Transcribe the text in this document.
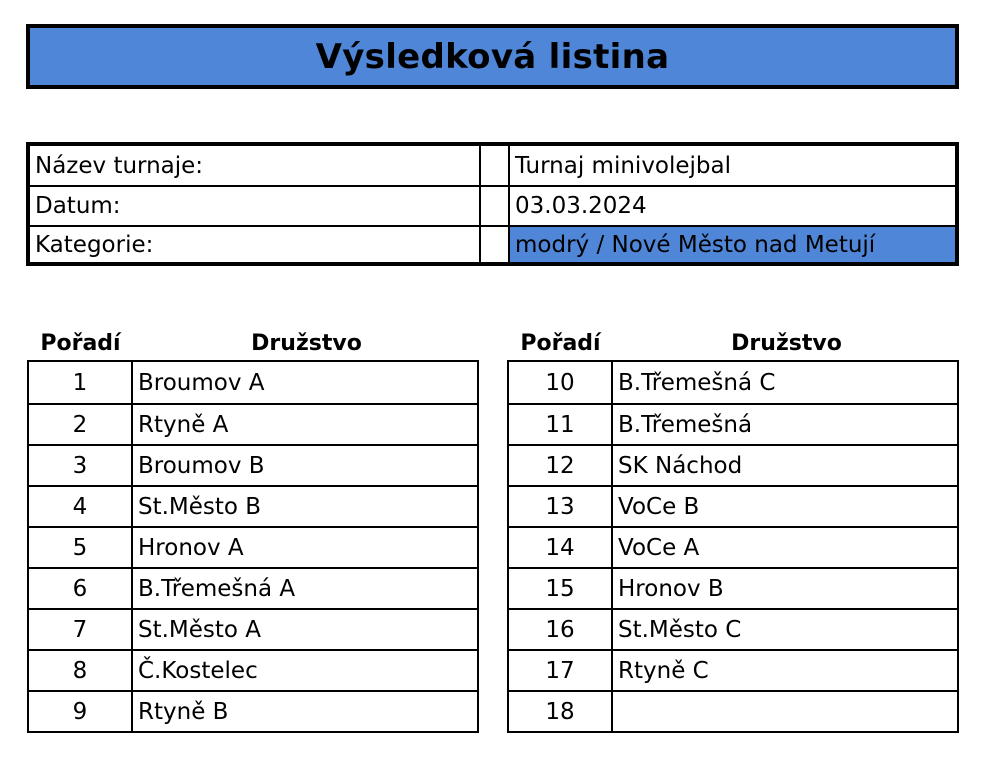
Výsledková listina
Název turnaje:	Turnaj minivolejbal
Datum:	03.03.2024
Kategorie:	modrý / Nové Město nad Metují
Pořadí	Družstvo
1	Broumov A
2	Rtyně A
3	Broumov B
4	St.Město B
5	Hronov A
6	B.Třemešná A
7	St.Město A
8	Č.Kostelec
9	Rtyně B
Pořadí	Družstvo
10	B.Třemešná C
11	B.Třemešná
12	SK Náchod
13	VoCe B
14	VoCe A
15	Hronov B
16	St.Město C
17	Rtyně C
18
